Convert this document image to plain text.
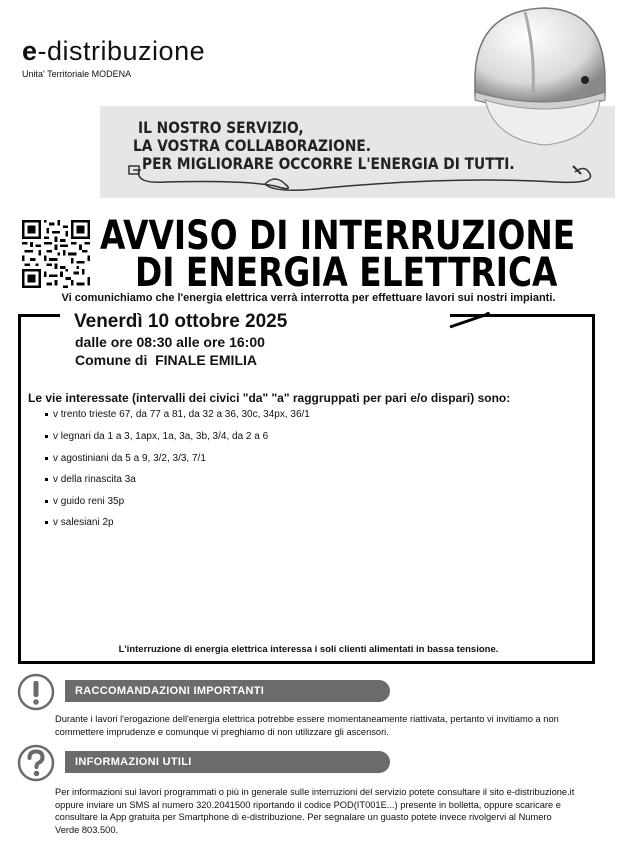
e-distribuzione
Unita' Territoriale MODENA
IL NOSTRO SERVIZIO,
LA VOSTRA COLLABORAZIONE.
PER MIGLIORARE OCCORRE L'ENERGIA DI TUTTI.
AVVISO DI INTERRUZIONE
DI ENERGIA ELETTRICA
Vi comunichiamo che l'energia elettrica verrà interrotta per effettuare lavori sui nostri impianti.
Venerdì 10 ottobre 2025
dalle ore 08:30 alle ore 16:00
Comune di  FINALE EMILIA
Le vie interessate (intervalli dei civici "da" "a" raggruppati per pari e/o dispari) sono:
v trento trieste 67, da 77 a 81, da 32 a 36, 30c, 34px, 36/1
v legnari da 1 a 3, 1apx, 1a, 3a, 3b, 3/4, da 2 a 6
v agostiniani da 5 a 9, 3/2, 3/3, 7/1
v della rinascita 3a
v guido reni 35p
v salesiani 2p
L'interruzione di energia elettrica interessa i soli clienti alimentati in bassa tensione.
RACCOMANDAZIONI IMPORTANTI
Durante i lavori l'erogazione dell'energia elettrica potrebbe essere momentaneamente riattivata, pertanto vi invitiamo a non commettere imprudenze e comunque vi preghiamo di non utilizzare gli ascensori.
INFORMAZIONI UTILI
Per informazioni sui lavori programmati o più in generale sulle interruzioni del servizio potete consultare il sito e-distribuzione.it oppure inviare un SMS al numero 320.2041500 riportando il codice POD(IT001E...) presente in bolletta, oppure scaricare e consultare la App gratuita per Smartphone di e-distribuzione. Per segnalare un guasto potete invece rivolgervi al Numero Verde 803.500.
